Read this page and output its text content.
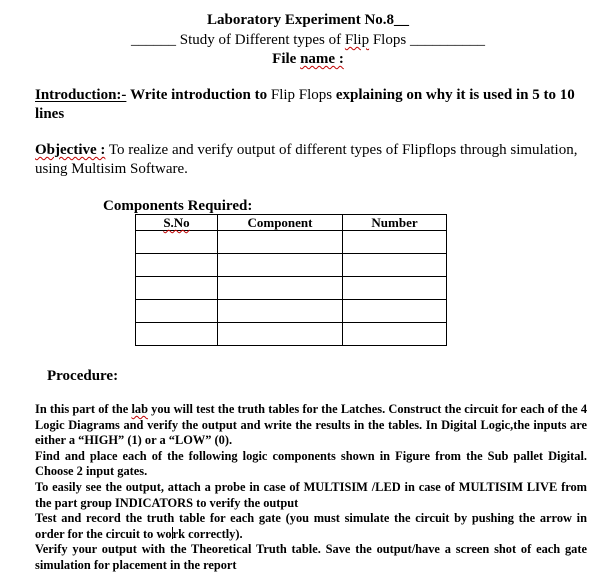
Laboratory Experiment No.8__
______ Study of Different types of Flip Flops __________
File name :
Introduction:- Write introduction to Flip Flops explaining on why it is used in 5 to 10 lines
Objective : To realize and verify output of different types of Flipflops through simulation, using Multisim Software.
Components Required:
S.No	Component	Number

Procedure:

In this part of the lab you will test the truth tables for the Latches. Construct the circuit for each of the 4 Logic Diagrams and verify the output and write the results in the tables. In Digital Logic,the inputs are either a “HIGH” (1) or a “LOW” (0).

Find and place each of the following logic components shown in Figure from the Sub pallet Digital. Choose 2 input gates.

To easily see the output, attach a probe in case of MULTISIM /LED in case of MULTISIM LIVE from the part group INDICATORS to verify the output

Test and record the truth table for each gate (you must simulate the circuit by pushing the arrow in order for the circuit to work correctly).

Verify your output with the Theoretical Truth table. Save the output/have a screen shot of each gate simulation for placement in the report
